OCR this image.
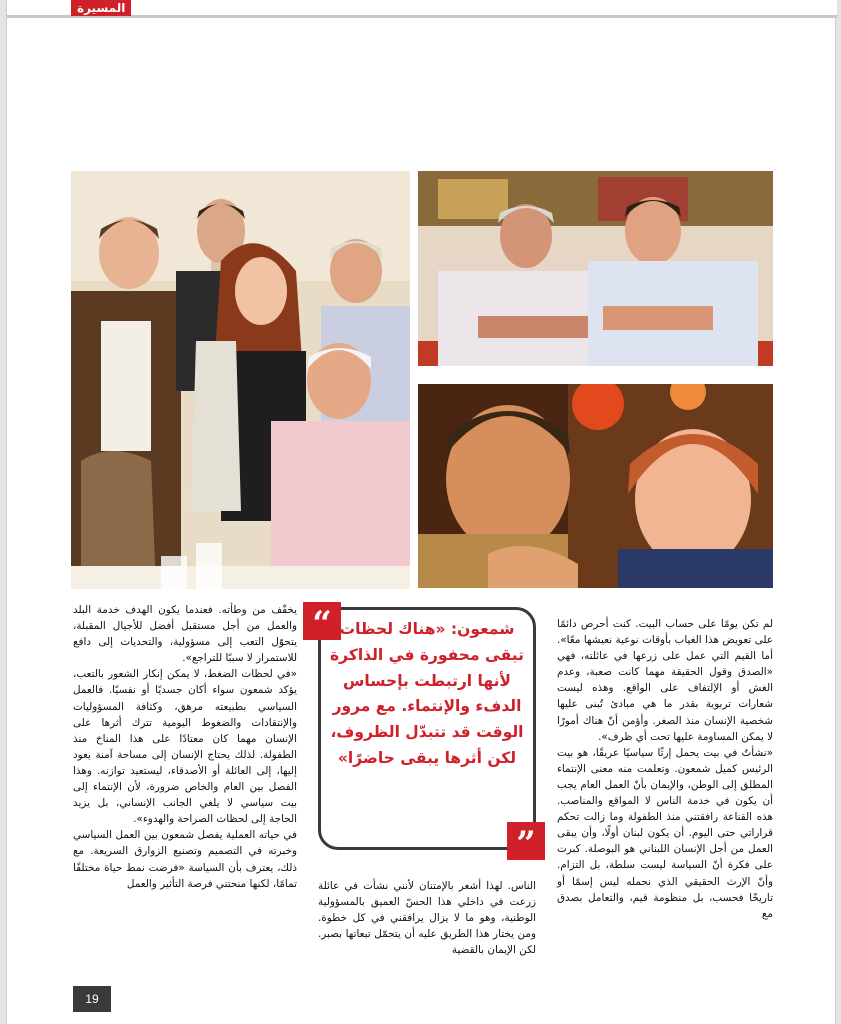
المسيرة

لم تكن يومًا على حساب البيت. كنت أحرص دائمًا على تعويض هذا الغياب بأوقات نوعية نعيشها معًا». أما القيم التي عمل على زرعها في عائلته، فهي «الصدق وقول الحقيقة مهما كانت صعبة، وعدم الغش أو الإلتفاف على الواقع. وهذه ليست شعارات تربوية بقدر ما هي مبادئ تُبنى عليها شخصية الإنسان منذ الصغر. وأؤمن أنّ هناك أمورًا لا يمكن المساومة عليها تحت أي ظرف».

«نشأتُ في بيت يحمل إرثًا سياسيًا عريقًا، هو بيت الرئيس كميل شمعون. وتعلمت منه معنى الإنتماء المطلق إلى الوطن، والإيمان بأنّ العمل العام يجب أن يكون في خدمة الناس لا المواقع والمناصب. هذه القناعة رافقتني منذ الطفولة وما زالت تحكم قراراتي حتى اليوم. أن يكون لبنان أولًا، وأن يبقى العمل من أجل الإنسان اللبناني هو البوصلة. كبرت على فكرة أنّ السياسة ليست سلطة، بل التزام. وأنّ الإرث الحقيقي الذي نحمله ليس إسمًا أو تاريخًا فحسب، بل منظومة قيم، والتعامل بصدق مع

الناس. لهذا أشعر بالإمتنان لأنني نشأت في عائلة زرعت في داخلي هذا الحسّ العميق بالمسؤولية الوطنية، وهو ما لا يزال يرافقني في كل خطوة. ومن يختار هذا الطريق عليه أن يتحمّل تبعاتها بصبر. لكن الإيمان بالقضية

يخفّف من وطأته. فعندما يكون الهدف خدمة البلد والعمل من أجل مستقبل أفضل للأجيال المقبلة، يتحوّل التعب إلى مسؤولية، والتحديات إلى دافع للاستمرار لا سببًا للتراجع».

«في لحظات الضغط، لا يمكن إنكار الشعور بالتعب، يؤكد شمعون سواء أكان جسديًا أو نفسيًا. فالعمل السياسي بطبيعته مرهق، وكثافة المسؤوليات والإنتقادات والضغوط اليومية تترك أثرها على الإنسان مهما كان معتادًا على هذا المناخ منذ الطفولة. لذلك يحتاج الإنسان إلى مساحة آمنة يعود إليها، إلى العائلة أو الأصدقاء، ليستعيد توازنه. وهذا الفصل بين العام والخاص ضرورة، لأن الإنتماء إلى بيت سياسي لا يلغي الجانب الإنساني، بل يزيد الحاجة إلى لحظات الصراحة والهدوء».

في حياته العملية يفصل شمعون بين العمل السياسي وخبرته في التصميم وتصنيع الزوارق السريعة. مع ذلك، يعترف بأن السياسة «فرضت نمط حياة مختلفًا تمامًا، لكنها منحتني فرصة التأثير والعمل

“ شمعون: «هناك لحظات تبقى محفورة في الذاكرة لأنها ارتبطت بإحساس الدفء والإنتماء. مع مرور الوقت قد تتبدّل الظروف، لكن أثرها يبقى حاضرًا»
”
19
